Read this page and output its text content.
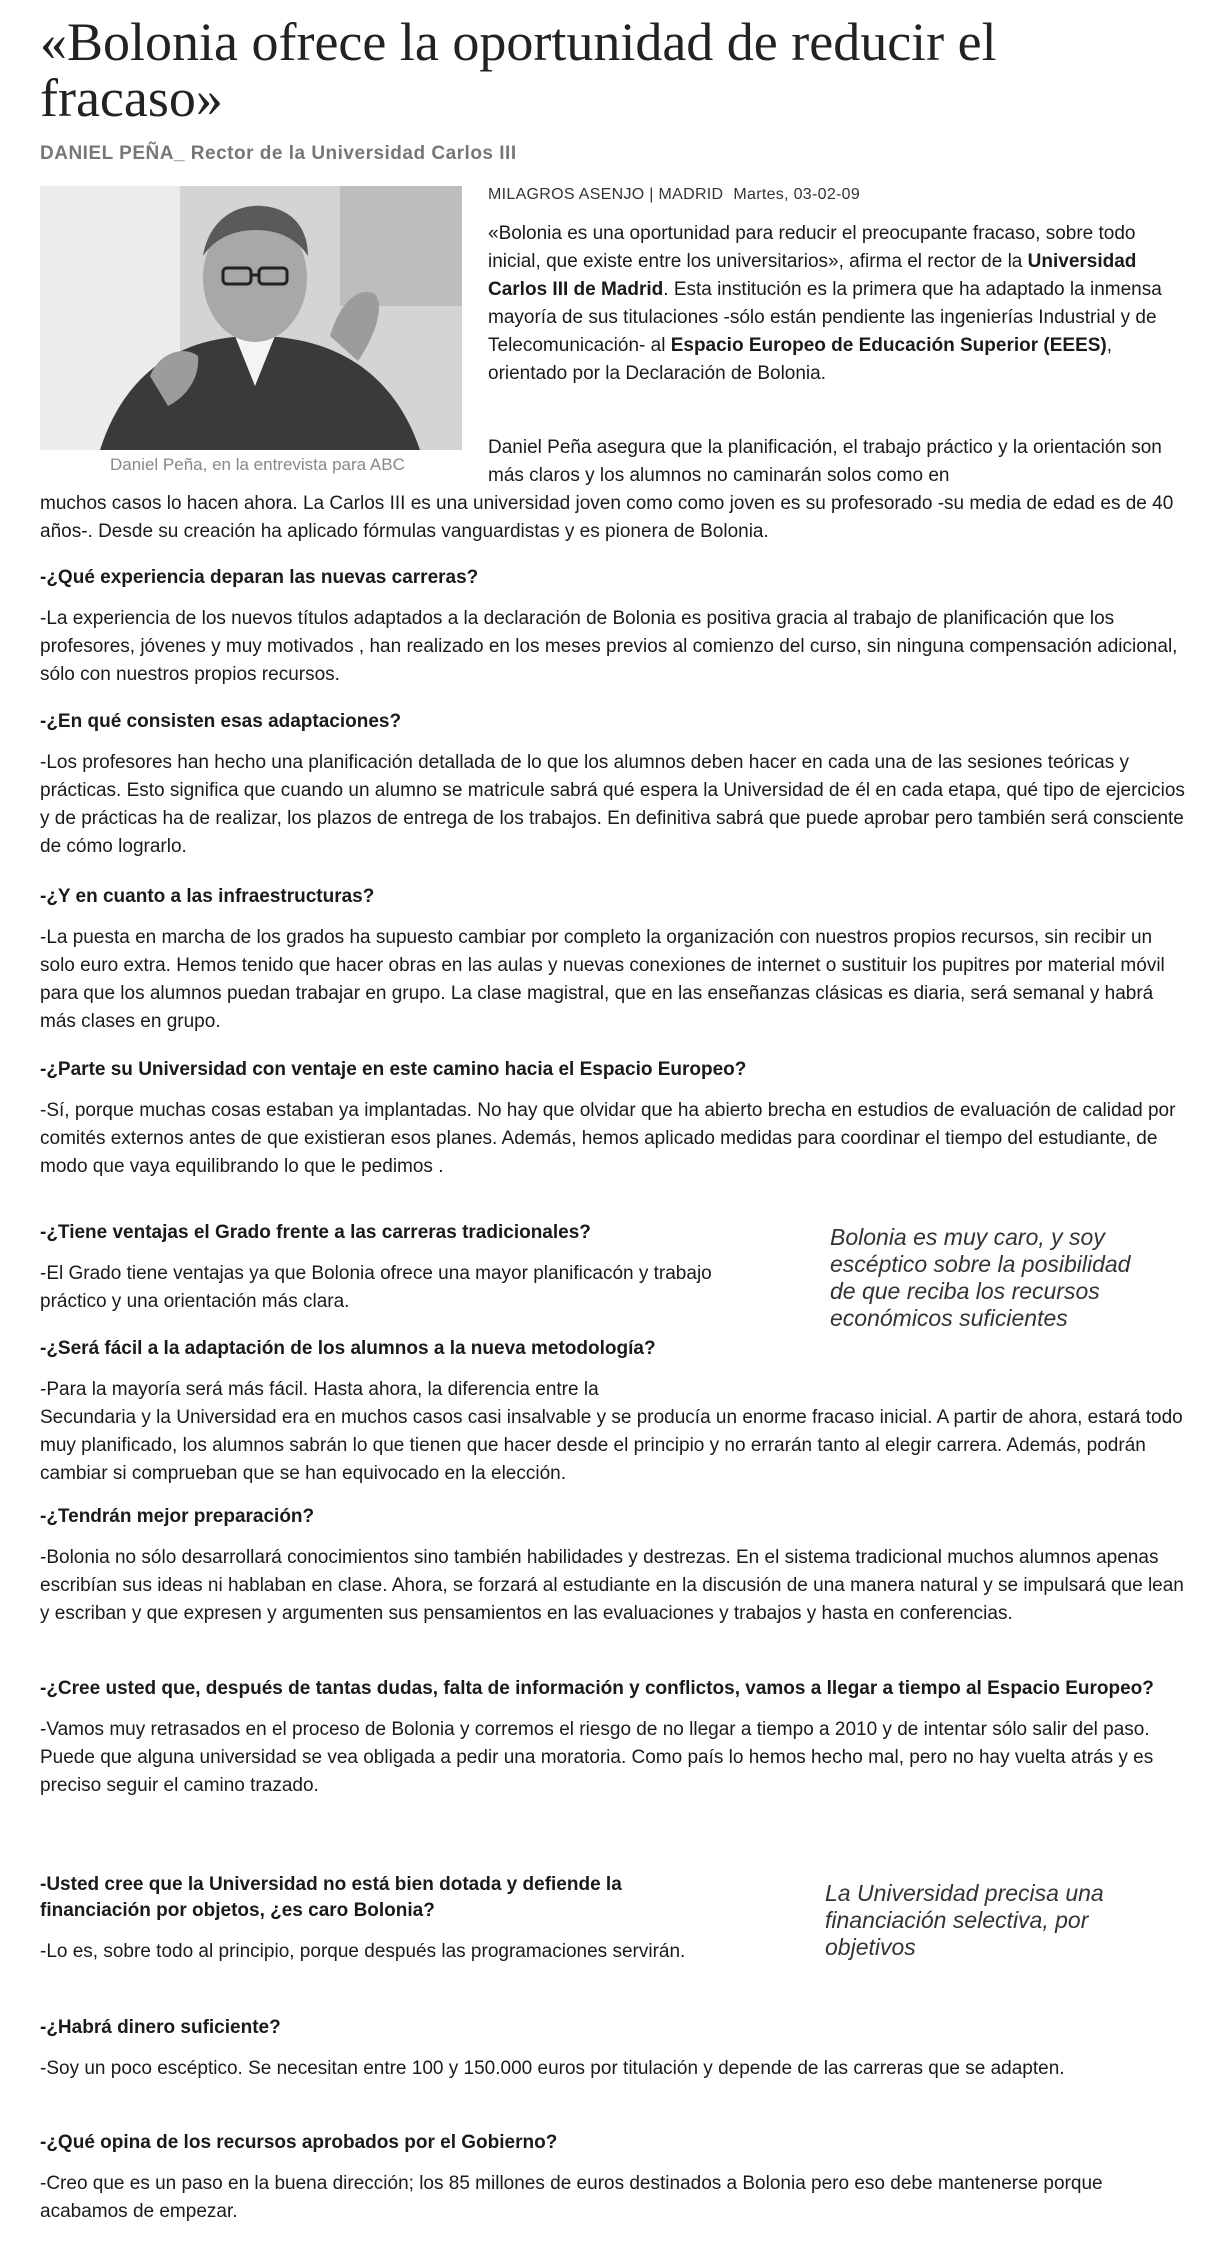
«Bolonia ofrece la oportunidad de reducir el fracaso»
DANIEL PEÑA_ Rector de la Universidad Carlos III
Daniel Peña, en la entrevista para ABC
MILAGROS ASENJO | MADRID Martes, 03-02-09

«Bolonia es una oportunidad para reducir el preocupante fracaso, sobre todo inicial, que existe entre los universitarios», afirma el rector de la Universidad Carlos III de Madrid. Esta institución es la primera que ha adaptado la inmensa mayoría de sus titulaciones -sólo están pendiente las ingenierías Industrial y de Telecomunicación- al Espacio Europeo de Educación Superior (EEES), orientado por la Declaración de Bolonia.

Daniel Peña asegura que la planificación, el trabajo práctico y la orientación son más claros y los alumnos no caminarán solos como en

muchos casos lo hacen ahora. La Carlos III es una universidad joven como como joven es su profesorado -su media de edad es de 40 años-. Desde su creación ha aplicado fórmulas vanguardistas y es pionera de Bolonia.

-¿Qué experiencia deparan las nuevas carreras?

-La experiencia de los nuevos títulos adaptados a la declaración de Bolonia es positiva gracia al trabajo de planificación que los profesores, jóvenes y muy motivados , han realizado en los meses previos al comienzo del curso, sin ninguna compensación adicional, sólo con nuestros propios recursos.

-¿En qué consisten esas adaptaciones?

-Los profesores han hecho una planificación detallada de lo que los alumnos deben hacer en cada una de las sesiones teóricas y prácticas. Esto significa que cuando un alumno se matricule sabrá qué espera la Universidad de él en cada etapa, qué tipo de ejercicios y de prácticas ha de realizar, los plazos de entrega de los trabajos. En definitiva sabrá que puede aprobar pero también será consciente de cómo lograrlo.

-¿Y en cuanto a las infraestructuras?

-La puesta en marcha de los grados ha supuesto cambiar por completo la organización con nuestros propios recursos, sin recibir un solo euro extra. Hemos tenido que hacer obras en las aulas y nuevas conexiones de internet o sustituir los pupitres por material móvil para que los alumnos puedan trabajar en grupo. La clase magistral, que en las enseñanzas clásicas es diaria, será semanal y habrá más clases en grupo.

-¿Parte su Universidad con ventaje en este camino hacia el Espacio Europeo?

-Sí, porque muchas cosas estaban ya implantadas. No hay que olvidar que ha abierto brecha en estudios de evaluación de calidad por comités externos antes de que existieran esos planes. Además, hemos aplicado medidas para coordinar el tiempo del estudiante, de modo que vaya equilibrando lo que le pedimos .

-¿Tiene ventajas el Grado frente a las carreras tradicionales?

-El Grado tiene ventajas ya que Bolonia ofrece una mayor planificacón y trabajo práctico y una orientación más clara.

Bolonia es muy caro, y soy escéptico sobre la posibilidad de que reciba los recursos económicos suficientes

-¿Será fácil a la adaptación de los alumnos a la nueva metodología?

-Para la mayoría será más fácil. Hasta ahora, la diferencia entre la

Secundaria y la Universidad era en muchos casos casi insalvable y se producía un enorme fracaso inicial. A partir de ahora, estará todo muy planificado, los alumnos sabrán lo que tienen que hacer desde el principio y no errarán tanto al elegir carrera. Además, podrán cambiar si comprueban que se han equivocado en la elección.

-¿Tendrán mejor preparación?

-Bolonia no sólo desarrollará conocimientos sino también habilidades y destrezas. En el sistema tradicional muchos alumnos apenas escribían sus ideas ni hablaban en clase. Ahora, se forzará al estudiante en la discusión de una manera natural y se impulsará que lean y escriban y que expresen y argumenten sus pensamientos en las evaluaciones y trabajos y hasta en conferencias.

-¿Cree usted que, después de tantas dudas, falta de información y conflictos, vamos a llegar a tiempo al Espacio Europeo?

-Vamos muy retrasados en el proceso de Bolonia y corremos el riesgo de no llegar a tiempo a 2010 y de intentar sólo salir del paso. Puede que alguna universidad se vea obligada a pedir una moratoria. Como país lo hemos hecho mal, pero no hay vuelta atrás y es preciso seguir el camino trazado.

-Usted cree que la Universidad no está bien dotada y defiende la financiación por objetos, ¿es caro Bolonia?

-Lo es, sobre todo al principio, porque después las programaciones servirán.

La Universidad precisa una financiación selectiva, por objetivos

-¿Habrá dinero suficiente?

-Soy un poco escéptico. Se necesitan entre 100 y 150.000 euros por titulación y depende de las carreras que se adapten.

-¿Qué opina de los recursos aprobados por el Gobierno?

-Creo que es un paso en la buena dirección; los 85 millones de euros destinados a Bolonia pero eso debe mantenerse porque acabamos de empezar.
